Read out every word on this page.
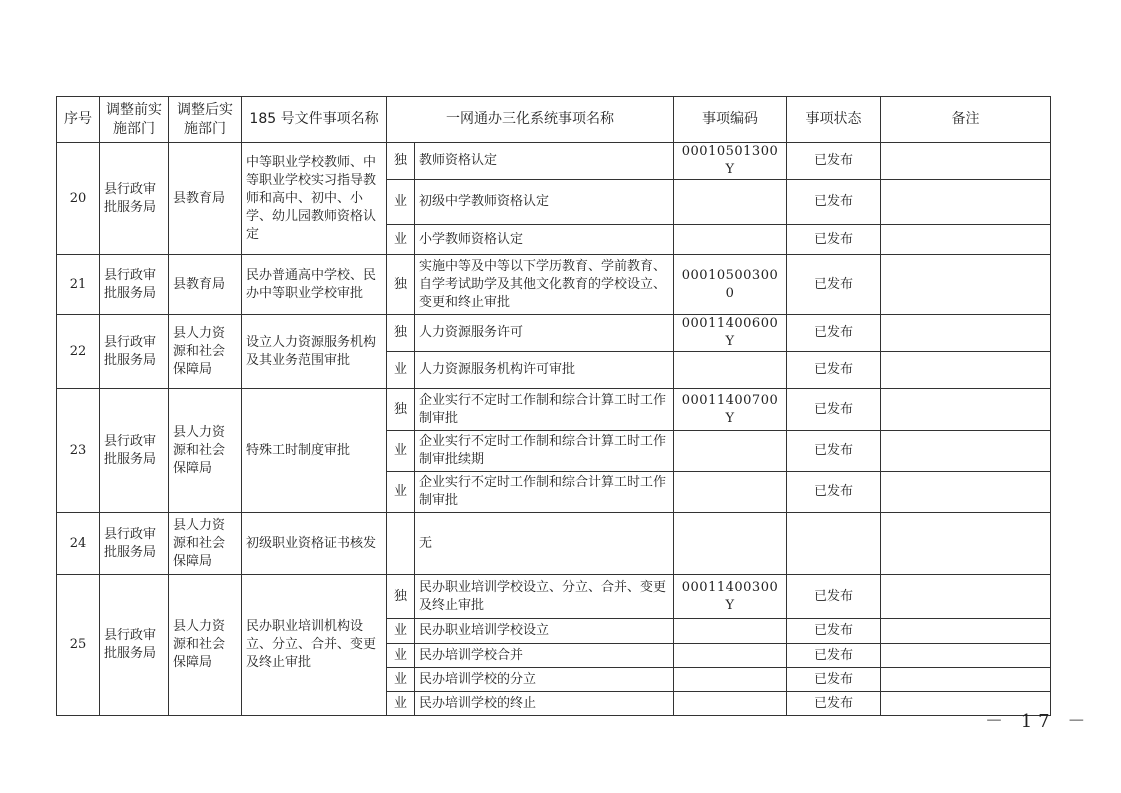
序号	调整前实施部门	调整后实施部门	185 号文件事项名称	一网通办三化系统事项名称		事项编码	事项状态	备注
20	县行政审批服务局	县教育局	中等职业学校教师、中等职业学校实习指导教师和高中、初中、小学、幼儿园教师资格认定	独	教师资格认定	00010501300Y	已发布	
				业	初级中学教师资格认定		已发布	
				业	小学教师资格认定		已发布	
21	县行政审批服务局	县教育局	民办普通高中学校、民办中等职业学校审批	独	实施中等及中等以下学历教育、学前教育、自学考试助学及其他文化教育的学校设立、变更和终止审批	000105003000	已发布	
22	县行政审批服务局	县人力资源和社会保障局	设立人力资源服务机构及其业务范围审批	独	人力资源服务许可	00011400600Y	已发布	
				业	人力资源服务机构许可审批		已发布	
23	县行政审批服务局	县人力资源和社会保障局	特殊工时制度审批	独	企业实行不定时工作制和综合计算工时工作制审批	00011400700Y	已发布	
				业	企业实行不定时工作制和综合计算工时工作制审批续期		已发布	
				业	企业实行不定时工作制和综合计算工时工作制审批		已发布	
24	县行政审批服务局	县人力资源和社会保障局	初级职业资格证书核发		无			
25	县行政审批服务局	县人力资源和社会保障局	民办职业培训机构设立、分立、合并、变更及终止审批	独	民办职业培训学校设立、分立、合并、变更及终止审批	00011400300Y	已发布	
				业	民办职业培训学校设立		已发布	
				业	民办培训学校合并		已发布	
				业	民办培训学校的分立		已发布	
				业	民办培训学校的终止		已发布	
－ 17 －
